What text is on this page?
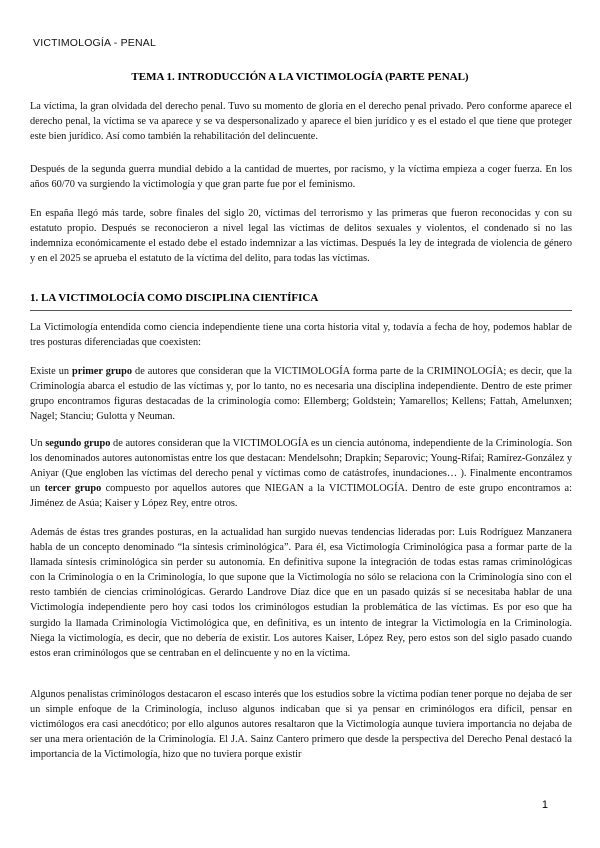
VICTIMOLOGÍA - PENAL
TEMA 1. INTRODUCCIÓN A LA VICTIMOLOGÍA (PARTE PENAL)
La víctima, la gran olvidada del derecho penal. Tuvo su momento de gloria en el derecho penal privado. Pero conforme aparece el derecho penal, la víctima se va aparece y se va despersonalizado y aparece el bien jurídico y es el estado el que tiene que proteger este bien jurídico. Así como también la rehabilitación del delincuente.
Después de la segunda guerra mundial debido a la cantidad de muertes, por racismo, y la víctima empieza a coger fuerza. En los años 60/70 va surgiendo la victimología y que gran parte fue por el feminismo.
En españa llegó más tarde, sobre finales del siglo 20, víctimas del terrorismo y las primeras que fueron reconocidas y con su estatuto propio. Después se reconocieron a nivel legal las víctimas de delitos sexuales y violentos, el condenado si no las indemniza económicamente el estado debe el estado indemnizar a las víctimas. Después la ley de integrada de violencia de género y en el 2025 se aprueba el estatuto de la víctima del delito, para todas las víctimas.
1. LA VICTIMOLOCÍA COMO DISCIPLINA CIENTÍFICA
La Victimología entendida como ciencia independiente tiene una corta historia vital y, todavía a fecha de hoy, podemos hablar de tres posturas diferenciadas que coexisten:
Existe un primer grupo de autores que consideran que la VICTIMOLOGÍA forma parte de la CRIMINOLOGÍA; es decir, que la Criminología abarca el estudio de las víctimas y, por lo tanto, no es necesaria una disciplina independiente. Dentro de este primer grupo encontramos figuras destacadas de la criminología como: Ellemberg; Goldstein; Yamarellos; Kellens; Fattah, Amelunxen; Nagel; Stanciu; Gulotta y Neuman.
Un segundo grupo de autores consideran que la VICTIMOLOGÍA es un ciencia autónoma, independiente de la Criminología. Son los denominados autores autonomistas entre los que destacan: Mendelsohn; Drapkin; Separovic; Young-Rifai; Ramírez-González y Aniyar (Que engloben las víctimas del derecho penal y víctimas como de catástrofes, inundaciones… ). Finalmente encontramos un tercer grupo compuesto por aquellos autores que NIEGAN a la VICTIMOLOGÍA. Dentro de este grupo encontramos a: Jiménez de Asúa; Kaiser y López Rey, entre otros.
Además de éstas tres grandes posturas, en la actualidad han surgido nuevas tendencias lideradas por: Luis Rodríguez Manzanera habla de un concepto denominado “la síntesis criminológica”. Para él, esa Victimología Criminológica pasa a formar parte de la llamada síntesis criminológica sin perder su autonomía. En definitiva supone la integración de todas estas ramas criminológicas con la Criminología o en la Criminología, lo que supone que la Victimología no sólo se relaciona con la Criminología sino con el resto también de ciencias criminológicas. Gerardo Landrove Díaz dice que en un pasado quizás sí se necesitaba hablar de una Victimología independiente pero hoy casi todos los criminólogos estudian la problemática de las víctimas. Es por eso que ha surgido la llamada Criminología Victimológica que, en definitiva, es un intento de integrar la Victimología en la Criminología. Niega la victimología, es decir, que no debería de existir. Los autores Kaiser, López Rey, pero estos son del siglo pasado cuando estos eran criminólogos que se centraban en el delincuente y no en la víctima.
Algunos penalistas criminólogos destacaron el escaso interés que los estudios sobre la víctima podían tener porque no dejaba de ser un simple enfoque de la Criminología, incluso algunos indicaban que si ya pensar en criminólogos era difícil, pensar en victimólogos era casi anecdótico; por ello algunos autores resaltaron que la Victimología aunque tuviera importancia no dejaba de ser una mera orientación de la Criminología. El J.A. Sainz Cantero primero que desde la perspectiva del Derecho Penal destacó la importancia de la Victimología, hizo que no tuviera porque existir
1
